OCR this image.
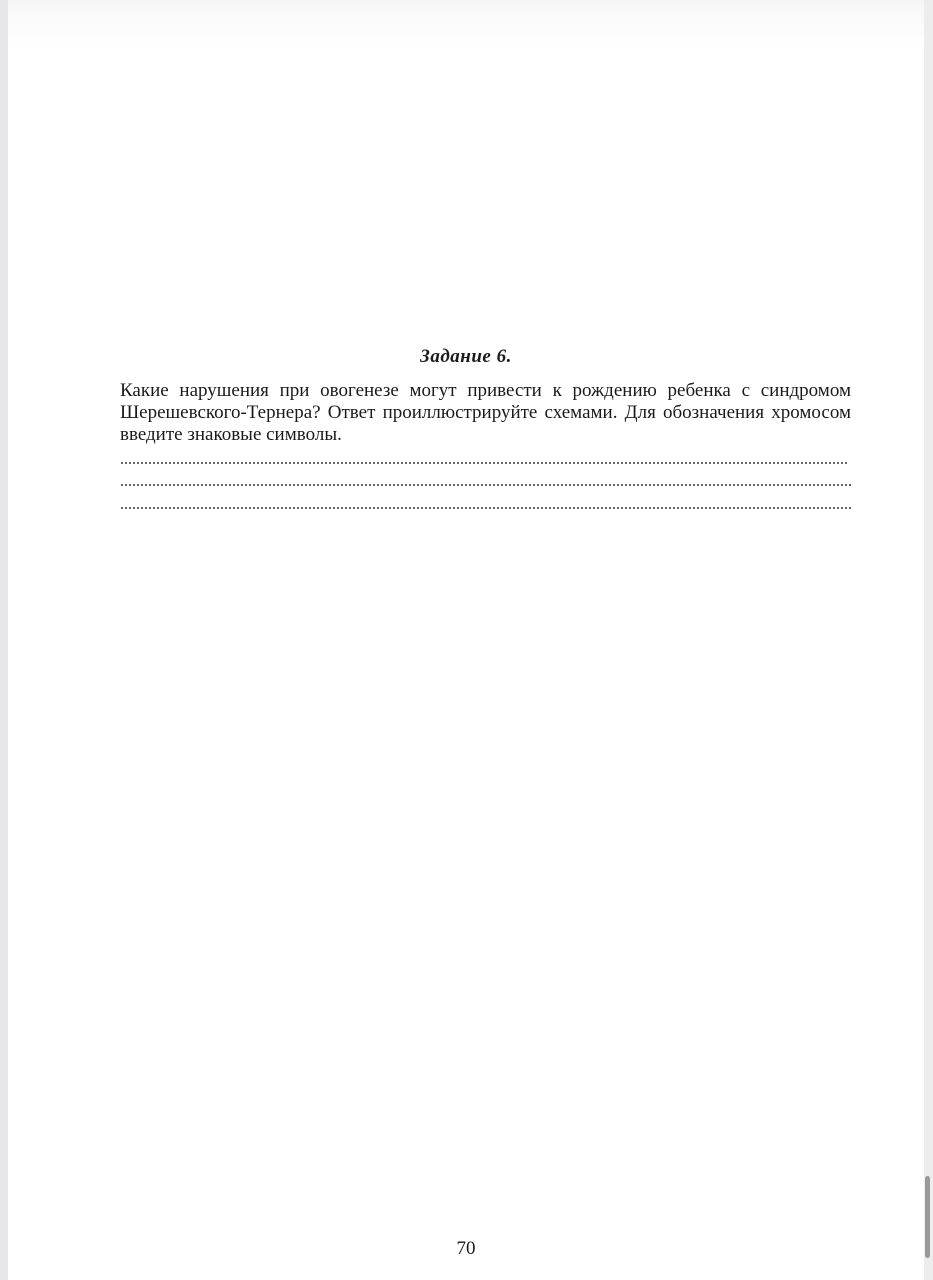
Задание 6.

Какие нарушения при овогенезе могут привести к рождению ребенка с синдромом Шерешевского-Тернера? Ответ проиллюстрируйте схемами. Для обозначения хромосом введите знаковые символы.

70
